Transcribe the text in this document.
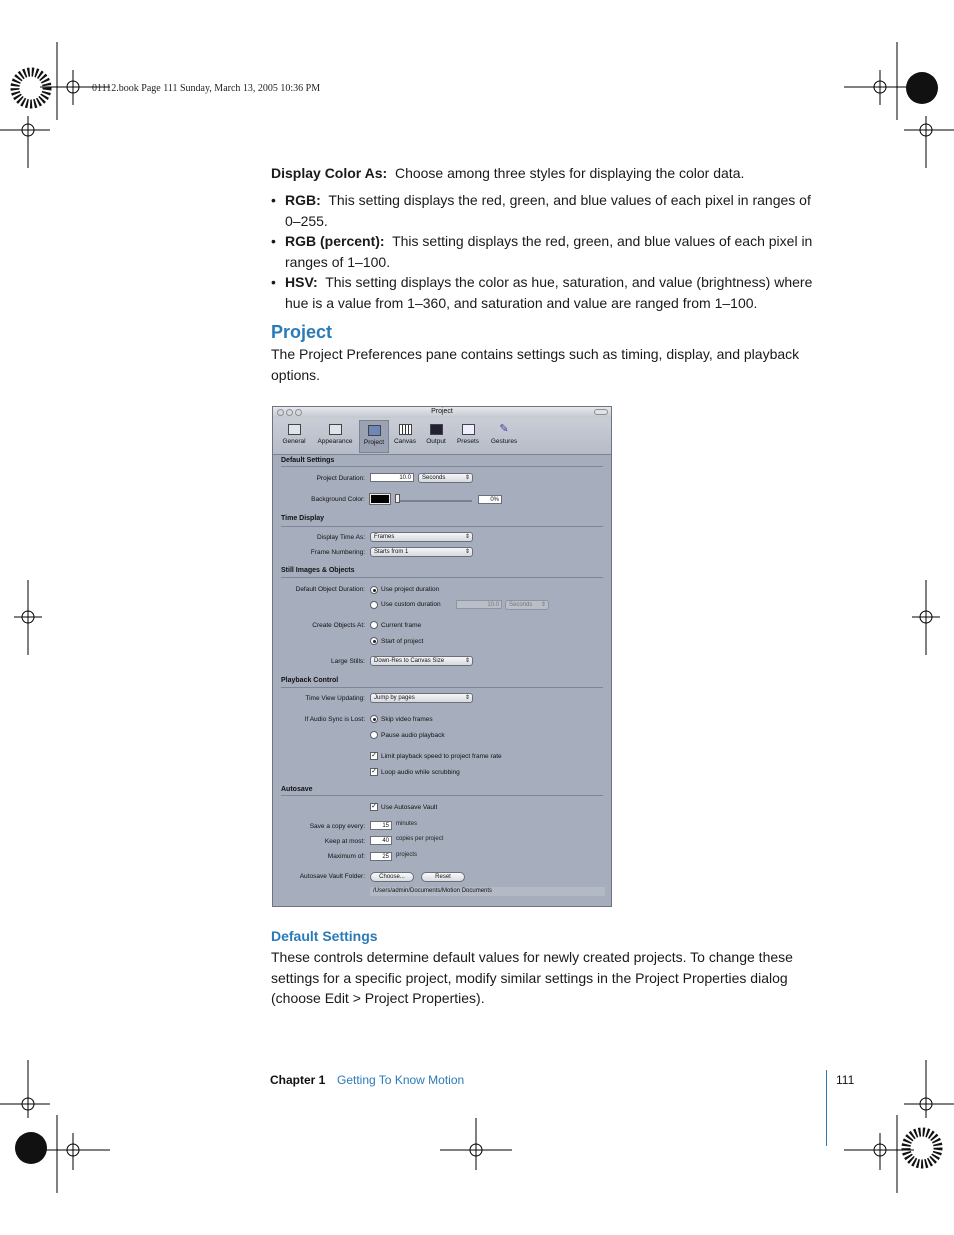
01112.book Page 111 Sunday, March 13, 2005 10:36 PM
Display Color As: Choose among three styles for displaying the color data.
• RGB: This setting displays the red, green, and blue values of each pixel in ranges of 0–255.
• RGB (percent): This setting displays the red, green, and blue values of each pixel in ranges of 1–100.
• HSV: This setting displays the color as hue, saturation, and value (brightness) where hue is a value from 1–360, and saturation and value are ranged from 1–100.
Project
The Project Preferences pane contains settings such as timing, display, and playback options.
Project
General	Appearance	Project	Canvas	Output	Presets
✎
Gestures
Default Settings
Project Duration:	10.0	Seconds ⇕
Background Color:	0%
Time Display
Display Time As:	Frames ⇕
Frame Numbering:	Starts from 1 ⇕
Still Images & Objects
Default Object Duration: Use project duration
Use custom duration	10.0	Seconds ⇕
Create Objects At: Current frame
Start of project
Large Stills:	Down-Res to Canvas Size ⇕
Playback Control
Time View Updating:	Jump by pages ⇕
If Audio Sync is Lost: Skip video frames
Pause audio playback
✓ Limit playback speed to project frame rate
✓ Loop audio while scrubbing
Autosave
✓ Use Autosave Vault
Save a copy every:	15	minutes
Keep at most:	40	copies per project
Maximum of:	25	projects
Autosave Vault Folder:	Choose...	Reset
/Users/admin/Documents/Motion Documents
Default Settings
These controls determine default values for newly created projects. To change these settings for a specific project, modify similar settings in the Project Properties dialog (choose Edit > Project Properties).
Chapter 1 Getting To Know Motion	111
